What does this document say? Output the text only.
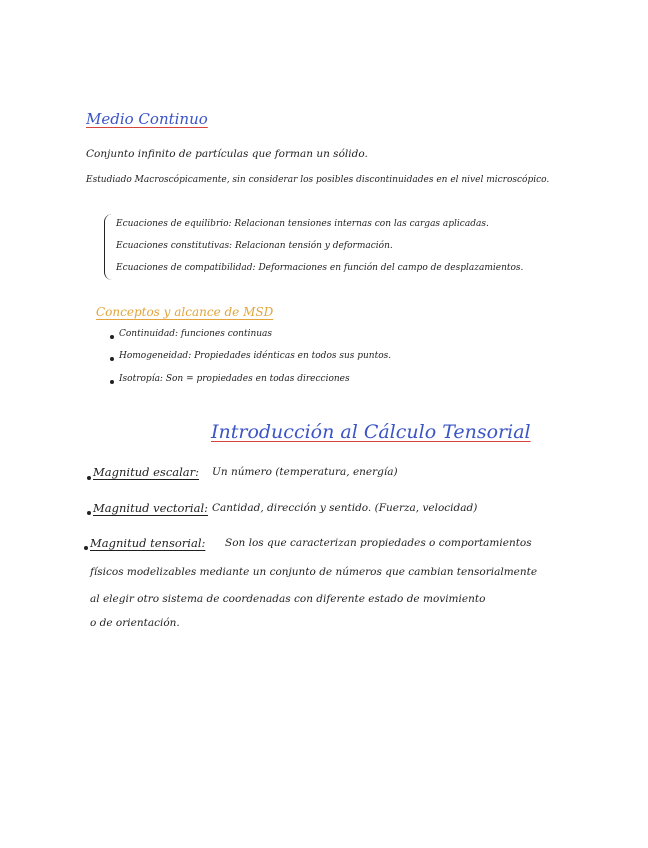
Medio Continuo
Conjunto infinito de partículas que forman un sólido.
Estudiado Macroscópicamente, sin considerar los posibles discontinuidades en el nivel microscópico.
Ecuaciones de equilibrio: Relacionan tensiones internas con las cargas aplicadas.
Ecuaciones constitutivas: Relacionan tensión y deformación.
Ecuaciones de compatibilidad: Deformaciones en función del campo de desplazamientos.
Conceptos y alcance de MSD
Continuidad: funciones continuas
Homogeneidad: Propiedades idénticas en todos sus puntos.
Isotropía: Son = propiedades en todas direcciones
Introducción al Cálculo Tensorial
Magnitud escalar: Un número (temperatura, energía)
Magnitud vectorial: Cantidad, dirección y sentido. (Fuerza, velocidad)
Magnitud tensorial: Son los que caracterizan propiedades o comportamientos
físicos modelizables mediante un conjunto de números que cambian tensorialmente
al elegir otro sistema de coordenadas con diferente estado de movimiento
o de orientación.
